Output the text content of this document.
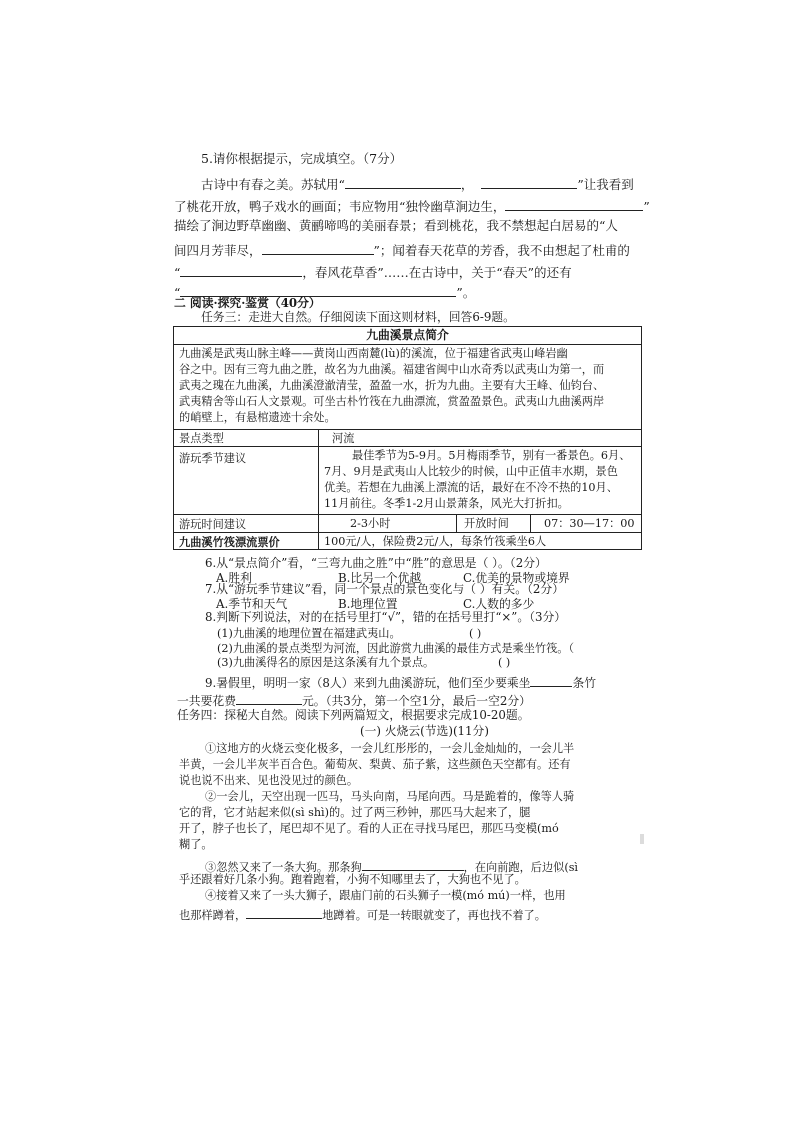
5.请你根据提示，完成填空。（7分）
古诗中有春之美。苏轼用“	，	”让我看到
了桃花开放，鸭子戏水的画面；韦应物用“独怜幽草涧边生，	”
描绘了涧边野草幽幽、黄鹂啼鸣的美丽春景；看到桃花，我不禁想起白居易的“人
间四月芳菲尽，	”；闻着春天花草的芳香，我不由想起了杜甫的
“	，春风花草香”……在古诗中，关于“春天”的还有
“	”。
二 阅读·探究·鉴赏（40分）
任务三：走进大自然。仔细阅读下面这则材料，回答6-9题。
九曲溪景点简介
九曲溪是武夷山脉主峰——黄岗山西南麓(lù)的溪流，位于福建省武夷山峰岩幽
谷之中。因有三弯九曲之胜，故名为九曲溪。福建省闽中山水奇秀以武夷山为第一，而
武夷之瑰在九曲溪，九曲溪澄澈清莹，盈盈一水，折为九曲。主要有大王峰、仙钧台、
武夷精舍等山石人文景观。可坐古朴竹筏在九曲漂流，赏盈盈景色。武夷山九曲溪两岸
的峭壁上，有悬棺遗迹十余处。
景点类型	河流
游玩季节建议	最佳季节为5-9月。5月梅雨季节，别有一番景色。6月、
7月、9月是武夷山人比较少的时候，山中正值丰水期，景色
优美。若想在九曲溪上漂流的话，最好在不冷不热的10月、
11月前往。冬季1-2月山景萧条，风光大打折扣。
游玩时间建议	2-3小时	开放时间	07：30—17：00
九曲溪竹筏漂流票价	100元/人，保险费2元/人，每条竹筏乘坐6人
6.从“景点简介”看，“三弯九曲之胜”中“胜”的意思是（ ）。（2分）
A.胜利	B.比另一个优越	C.优美的景物或境界
7.从“游玩季节建议”看，同一个景点的景色变化与（ ）有关。（2分）
A.季节和天气	B.地理位置	C.人数的多少
8.判断下列说法，对的在括号里打“√”，错的在括号里打“×”。（3分）
(1)九曲溪的地理位置在福建武夷山。	( )
(2)九曲溪的景点类型为河流，因此游赏九曲溪的最佳方式是乘坐竹筏。（
(3)九曲溪得名的原因是这条溪有九个景点。	( )
9.暑假里，明明一家（8人）来到九曲溪游玩，他们至少要乘坐	条竹
一共要花费	元。（共3分，第一个空1分，最后一空2分）
任务四：探秘大自然。阅读下列两篇短文，根据要求完成10-20题。
(一) 火烧云(节选)(11分)
①这地方的火烧云变化极多，一会儿红彤彤的，一会儿金灿灿的，一会儿半
半黄，一会儿半灰半百合色。葡萄灰、梨黄、茄子紫，这些颜色天空都有。还有
说也说不出来、见也没见过的颜色。
②一会儿，天空出现一匹马，马头向南，马尾向西。马是跪着的，像等人骑
它的背，它才站起来似(sì shì)的。过了两三秒钟，那匹马大起来了，腿
开了，脖子也长了，尾巴却不见了。看的人正在寻找马尾巴，那匹马变模(mó
糊了。
③忽然又来了一条大狗。那条狗	，在向前跑，后边似(sì
乎还跟着好几条小狗。跑着跑着，小狗不知哪里去了，大狗也不见了。
④接着又来了一头大狮子，跟庙门前的石头狮子一模(mó mú)一样，也用
也那样蹲着，	地蹲着。可是一转眼就变了，再也找不着了。
